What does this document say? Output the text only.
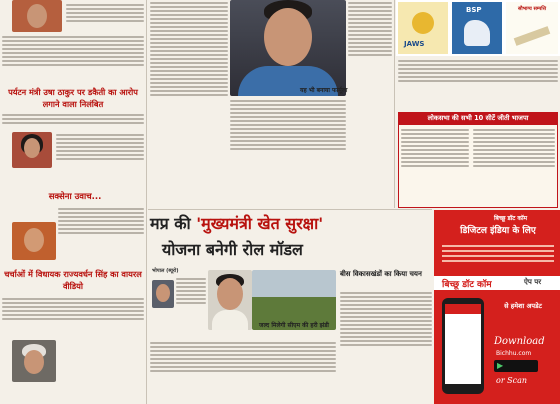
पर्यटन मंत्री उषा ठाकुर पर डकैती का आरोप लगाने वाला निलंबित
सक्सेना उवाच...
चर्चाओं में विधायक राज्यवर्धन सिंह का वायरल वीडियो
यह भी बनाया फार्मूला
JAWS
BSP	सौभाग्य सम्पत्ति
लोकसभा की सभी 10 सीटें जीती भाजपा
मप्र की 'मुख्यमंत्री खेत सुरक्षा'
योजना बनेगी रोल मॉडल
भोपाल (ब्यूरो)
जल्द मिलेगी सीएम की हरी झंडी
बीस विकासखंडों का किया चयन
बिच्छू डॉट कॉम
डिजिटल इंडिया के लिए
बिच्छू डॉट कॉम	ऐप पर
से हमेशा अपडेट
Download
Bichhu.com
▶
or Scan
